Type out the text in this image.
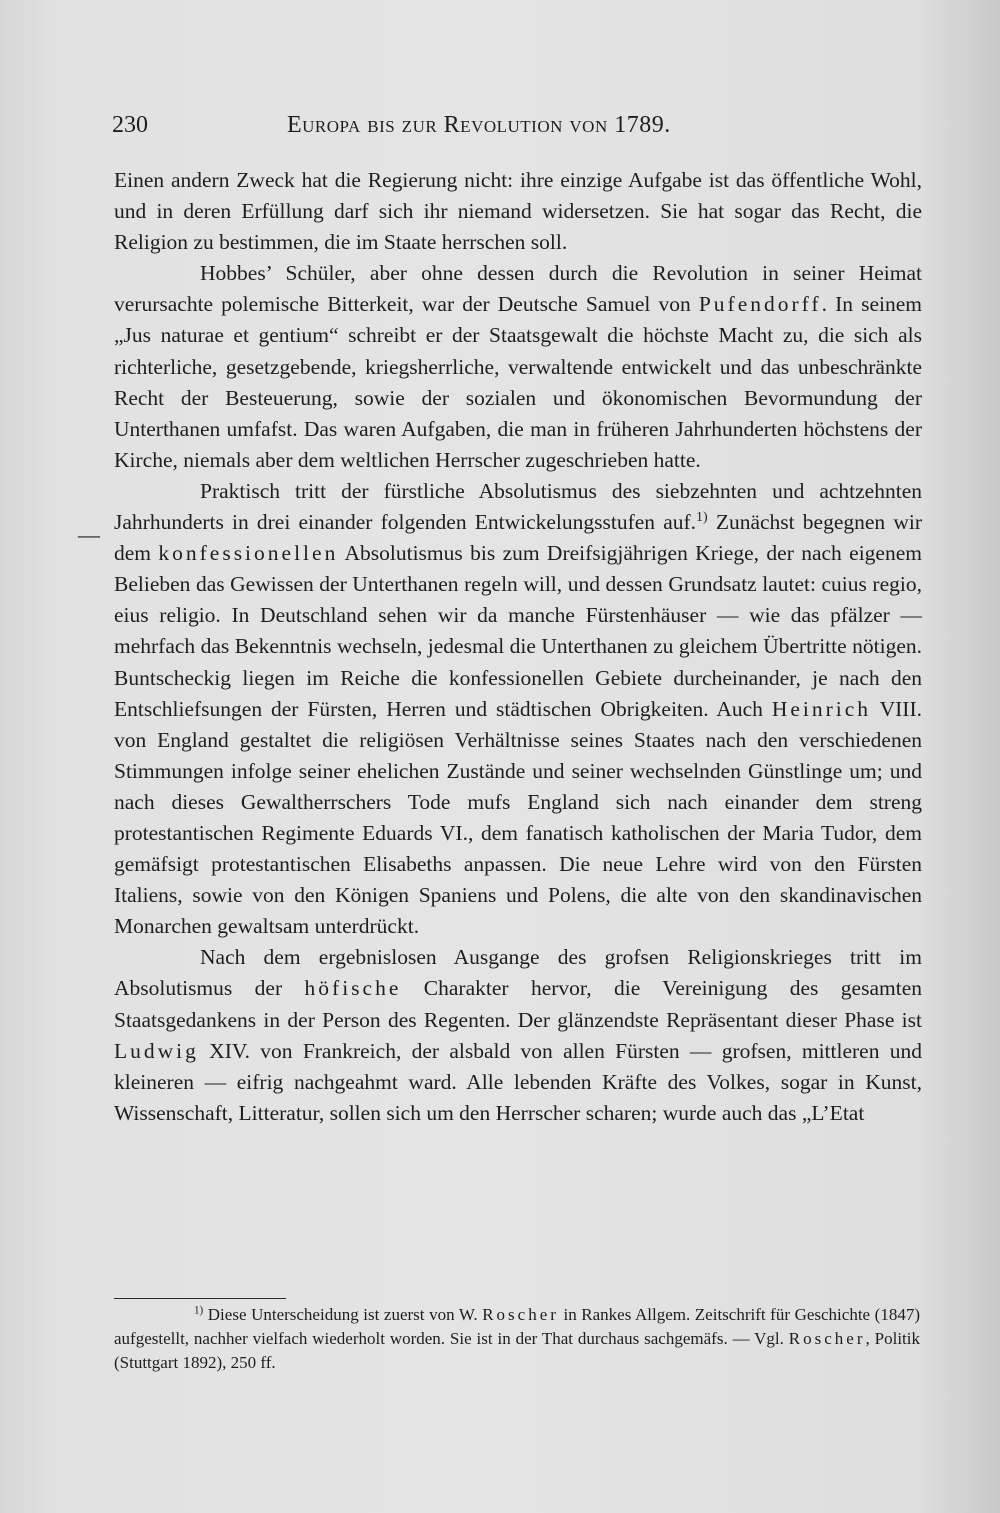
230	Europa bis zur Revolution von 1789.
—

Einen andern Zweck hat die Regierung nicht: ihre einzige Aufgabe ist das öffentliche Wohl, und in deren Erfüllung darf sich ihr niemand widersetzen. Sie hat sogar das Recht, die Religion zu bestimmen, die im Staate herrschen soll.

Hobbes’ Schüler, aber ohne dessen durch die Revolution in seiner Heimat verursachte polemische Bitterkeit, war der Deutsche Samuel von Pufendorff. In seinem „Jus naturae et gentium“ schreibt er der Staatsgewalt die höchste Macht zu, die sich als richterliche, gesetzgebende, kriegsherrliche, verwaltende entwickelt und das unbeschränkte Recht der Besteuerung, sowie der sozialen und ökonomischen Bevormundung der Unterthanen umfafst. Das waren Aufgaben, die man in früheren Jahrhunderten höchstens der Kirche, niemals aber dem weltlichen Herrscher zugeschrieben hatte.

Praktisch tritt der fürstliche Absolutismus des siebzehnten und achtzehnten Jahrhunderts in drei einander folgenden Entwickelungsstufen auf.$^{1)}$ Zunächst begegnen wir dem konfessionellen Absolutismus bis zum Dreifsigjährigen Kriege, der nach eigenem Belieben das Gewissen der Unterthanen regeln will, und dessen Grundsatz lautet: cuius regio, eius religio. In Deutschland sehen wir da manche Fürstenhäuser — wie das pfälzer — mehrfach das Bekenntnis wechseln, jedesmal die Unterthanen zu gleichem Übertritte nötigen. Buntscheckig liegen im Reiche die konfessionellen Gebiete durcheinander, je nach den Entschliefsungen der Fürsten, Herren und städtischen Obrigkeiten. Auch Heinrich VIII. von England gestaltet die religiösen Verhältnisse seines Staates nach den verschiedenen Stimmungen infolge seiner ehelichen Zustände und seiner wechselnden Günstlinge um; und nach dieses Gewaltherrschers Tode mufs England sich nach einander dem streng protestantischen Regimente Eduards VI., dem fanatisch katholischen der Maria Tudor, dem gemäfsigt protestantischen Elisabeths anpassen. Die neue Lehre wird von den Fürsten Italiens, sowie von den Königen Spaniens und Polens, die alte von den skandinavischen Monarchen gewaltsam unterdrückt.

Nach dem ergebnislosen Ausgange des grofsen Religionskrieges tritt im Absolutismus der höfische Charakter hervor, die Vereinigung des gesamten Staatsgedankens in der Person des Regenten. Der glänzendste Repräsentant dieser Phase ist Ludwig XIV. von Frankreich, der alsbald von allen Fürsten — grofsen, mittleren und kleineren — eifrig nachgeahmt ward. Alle lebenden Kräfte des Volkes, sogar in Kunst, Wissenschaft, Litteratur, sollen sich um den Herrscher scharen; wurde auch das „L’Etat

$^{1)}$ Diese Unterscheidung ist zuerst von W. Roscher in Rankes Allgem. Zeitschrift für Geschichte (1847) aufgestellt, nachher vielfach wiederholt worden. Sie ist in der That durchaus sachgemäfs. — Vgl. Roscher, Politik (Stuttgart 1892), 250 ff.
